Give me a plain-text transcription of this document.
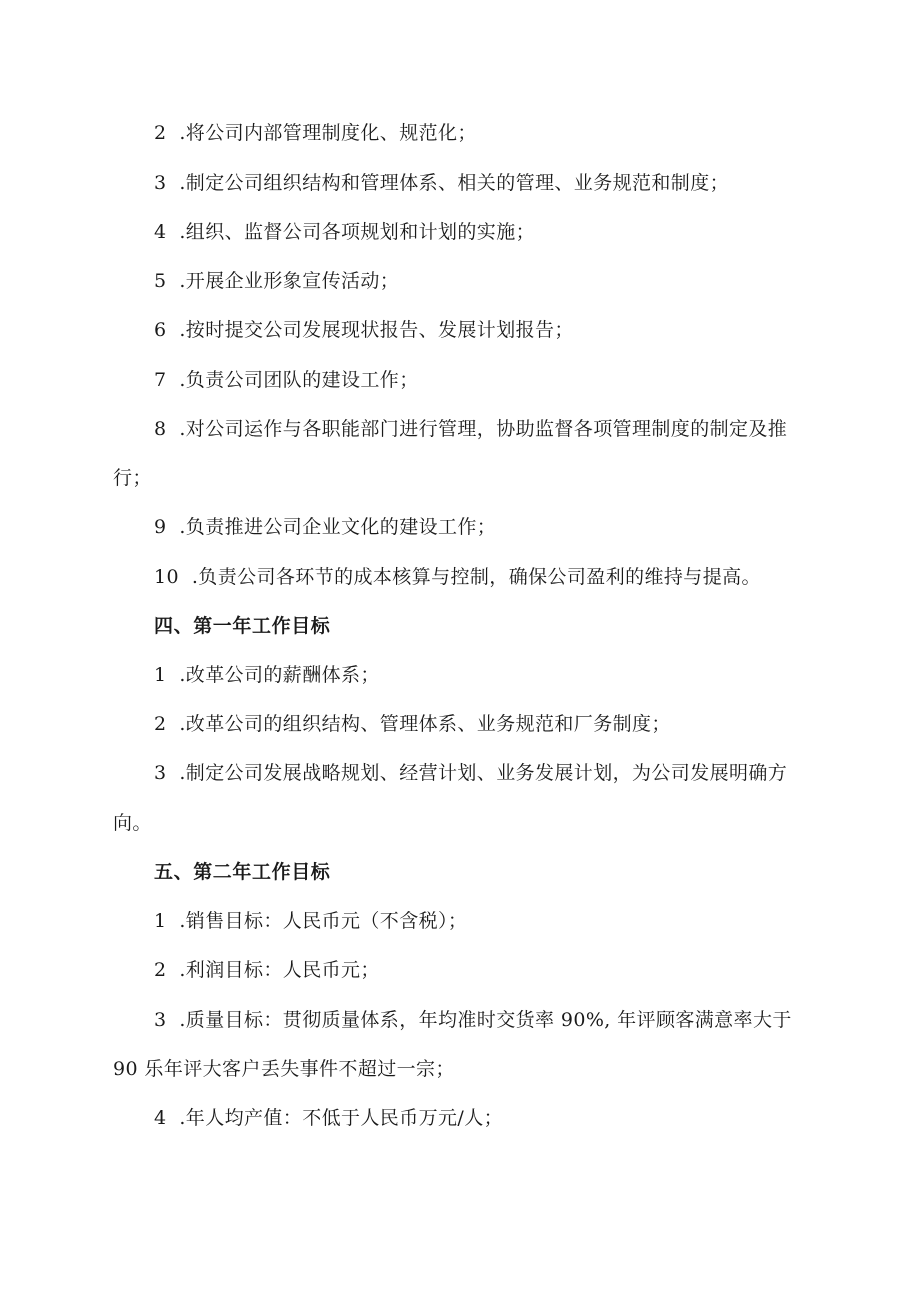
2  .将公司内部管理制度化、规范化；
3  .制定公司组织结构和管理体系、相关的管理、业务规范和制度；
4  .组织、监督公司各项规划和计划的实施；
5  .开展企业形象宣传活动；
6  .按时提交公司发展现状报告、发展计划报告；
7  .负责公司团队的建设工作；
8  .对公司运作与各职能部门进行管理，协助监督各项管理制度的制定及推
行；
9  .负责推进公司企业文化的建设工作；
10  .负责公司各环节的成本核算与控制，确保公司盈利的维持与提高。
四、第一年工作目标
1  .改革公司的薪酬体系；
2  .改革公司的组织结构、管理体系、业务规范和厂务制度；
3  .制定公司发展战略规划、经营计划、业务发展计划，为公司发展明确方
向。
五、第二年工作目标
1  .销售目标：人民币元（不含税）；
2  .利润目标：人民币元；
3  .质量目标：贯彻质量体系，年均准时交货率 90%, 年评顾客满意率大于
90 乐年评大客户丢失事件不超过一宗；
4  .年人均产值：不低于人民币万元/人；
